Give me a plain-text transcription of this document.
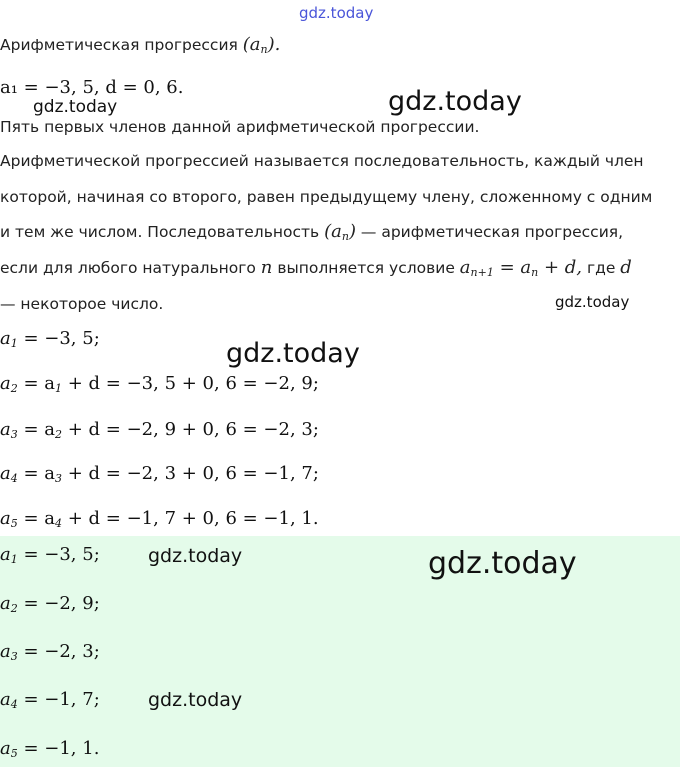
gdz.today
Арифметическая прогрессия $(a_n)$.
a₁ = −3, 5, d = 0, 6.
gdz.today	gdz.today
Пять первых членов данной арифметической прогрессии.
Арифметической прогрессией называется последовательность, каждый член
которой, начиная со второго, равен предыдущему члену, сложенному с одним
и тем же числом. Последовательность $(a_n)$ — арифметическая прогрессия,
если для любого натурального n выполняется условие $a_{n+1} = a_n + d$, где d
— некоторое число.	gdz.today
$a_1 = -3$, 5;	gdz.today
$a_2 = a_1 + d = -3$, 5 + 0, 6 = −2, 9;
$a_3 = a_2 + d = -2$, 9 + 0, 6 = −2, 3;
$a_4 = a_3 + d = -2$, 3 + 0, 6 = −1, 7;
$a_5 = a_4 + d = -1$, 7 + 0, 6 = −1, 1.
$a_1 = -3$, 5;
$a_2 = -2$, 9;
$a_3 = -2$, 3;
$a_4 = -1$, 7;
$a_5 = -1$, 1.
gdz.today	gdz.today
gdz.today
